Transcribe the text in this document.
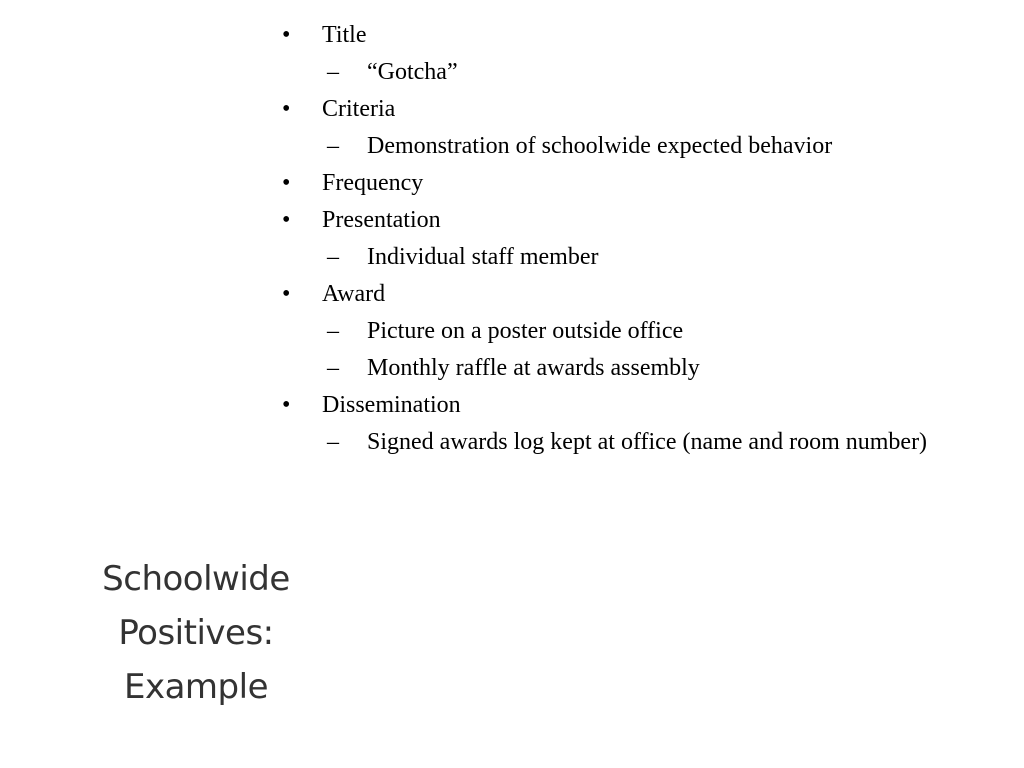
• Title
– “Gotcha”
• Criteria
– Demonstration of schoolwide expected behavior
• Frequency
• Presentation
– Individual staff member
• Award
– Picture on a poster outside office
– Monthly raffle at awards assembly
• Dissemination
– Signed awards log kept at office (name and room number)
Schoolwide
Positives:
Example
